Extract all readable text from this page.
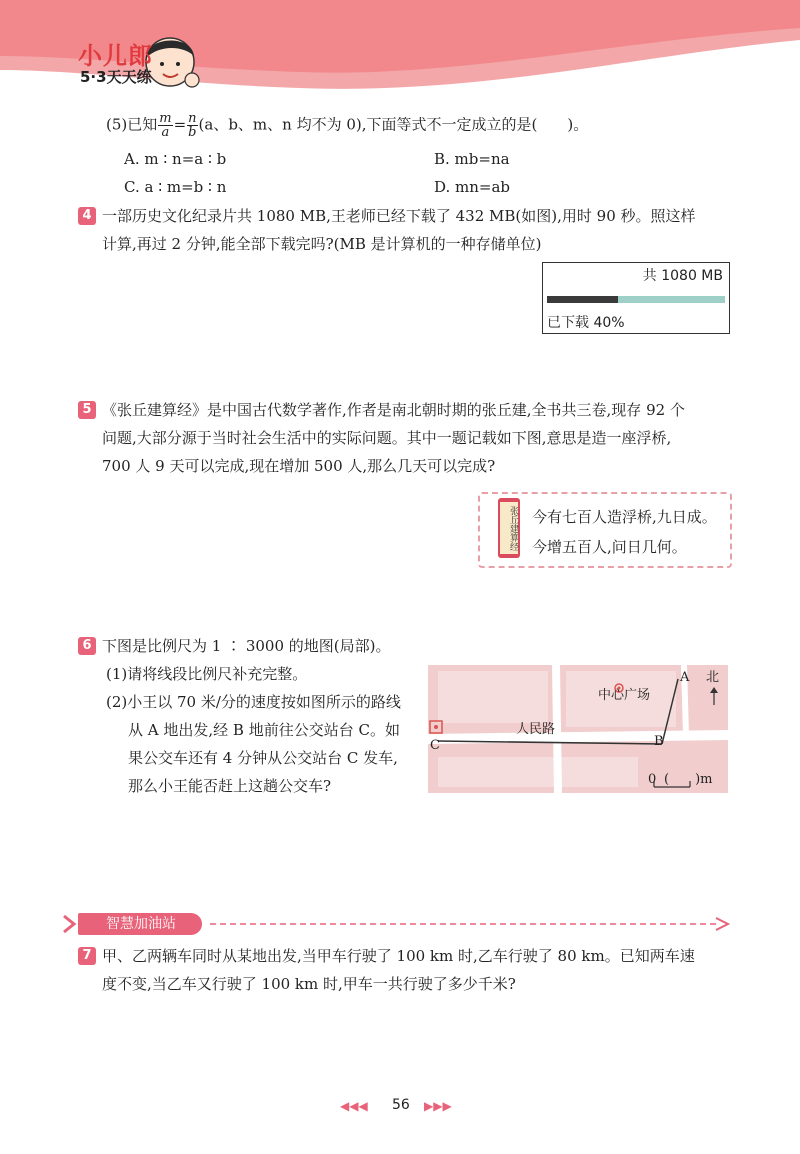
小儿郎
5·3天天练
(5)已知 $\frac{m}{a} = \frac{n}{b} (a$、b、m、n 均不为 0),下面等式不一定成立的是(　　)。
A. m ∶ n=a ∶ b	B. mb=na
C. a ∶ m=b ∶ n	D. mn=ab
4 一部历史文化纪录片共 1080 MB,王老师已经下载了 432 MB(如图),用时 90 秒。照这样
计算,再过 2 分钟,能全部下载完吗?(MB 是计算机的一种存储单位)
共 1080 MB
已下载 40%
5 《张丘建算经》是中国古代数学著作,作者是南北朝时期的张丘建,全书共三卷,现存 92 个
问题,大部分源于当时社会生活中的实际问题。其中一题记载如下图,意思是造一座浮桥,
700 人 9 天可以完成,现在增加 500 人,那么几天可以完成?
张丘建算经 今有七百人造浮桥,九日成。
今增五百人,问日几何。
6 下图是比例尺为 1 ∶ 3000 的地图(局部)。
(1)请将线段比例尺补充完整。
(2)小王以 70 米/分的速度按如图所示的路线
从 A 地出发,经 B 地前往公交站台 C。如
果公交车还有 4 分钟从公交站台 C 发车,
那么小王能否赶上这趟公交车?
中心广场
人民路
北
A
B
C
0 (　　)m
智慧加油站
7 甲、乙两辆车同时从某地出发,当甲车行驶了 100 km 时,乙车行驶了 80 km。已知两车速
度不变,当乙车又行驶了 100 km 时,甲车一共行驶了多少千米?
◀◀◀ 56 ▶▶▶
